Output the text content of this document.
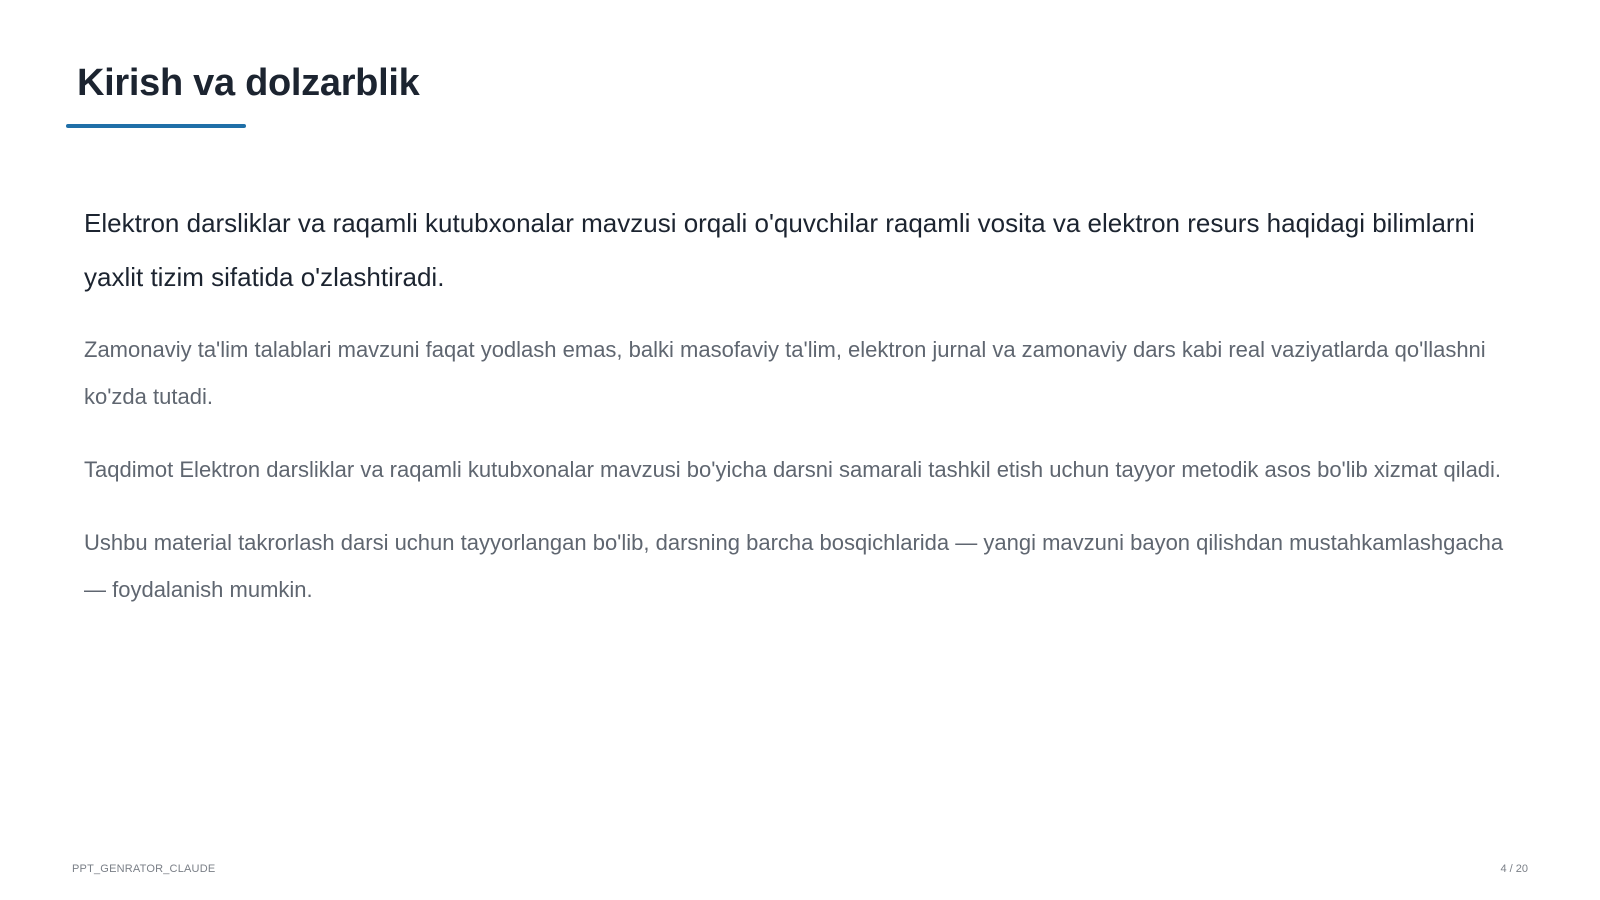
Kirish va dolzarblik

Elektron darsliklar va raqamli kutubxonalar mavzusi orqali o'quvchilar raqamli vosita va elektron resurs haqidagi bilimlarni yaxlit tizim sifatida o'zlashtiradi.

Zamonaviy ta'lim talablari mavzuni faqat yodlash emas, balki masofaviy ta'lim, elektron jurnal va zamonaviy dars kabi real vaziyatlarda qo'llashni ko'zda tutadi.

Taqdimot Elektron darsliklar va raqamli kutubxonalar mavzusi bo'yicha darsni samarali tashkil etish uchun tayyor metodik asos bo'lib xizmat qiladi.

Ushbu material takrorlash darsi uchun tayyorlangan bo'lib, darsning barcha bosqichlarida — yangi mavzuni bayon qilishdan mustahkamlashgacha — foydalanish mumkin.

PPT_GENRATOR_CLAUDE	4 / 20
